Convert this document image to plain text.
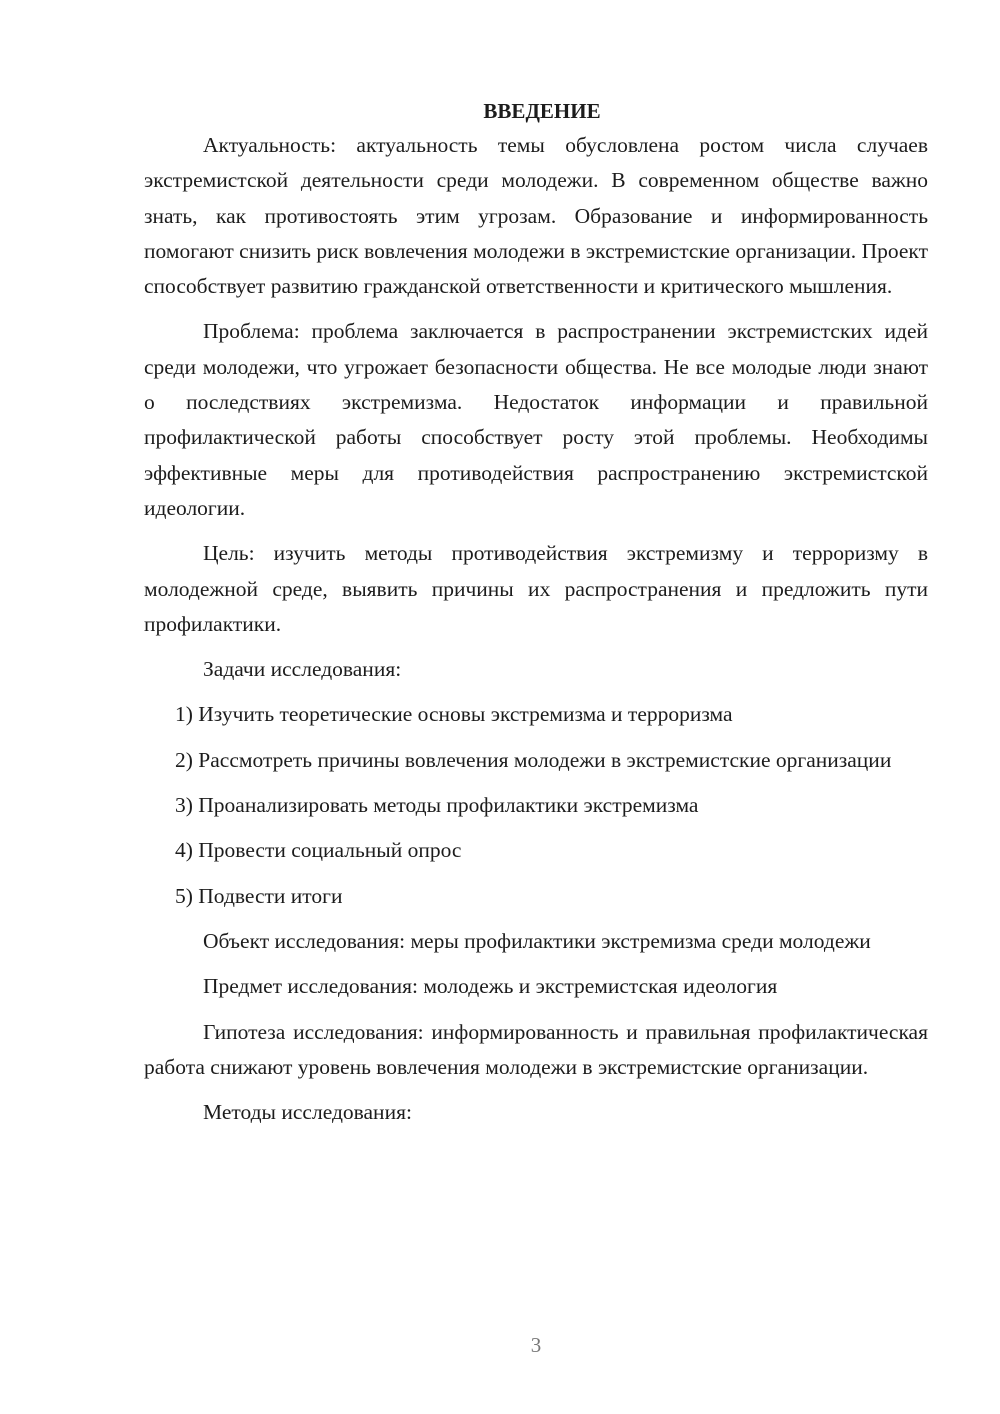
ВВЕДЕНИЕ

Актуальность: актуальность темы обусловлена ростом числа случаев экстремистской деятельности среди молодежи. В современном обществе важно знать, как противостоять этим угрозам. Образование и информированность помогают снизить риск вовлечения молодежи в экстремистские организации. Проект способствует развитию гражданской ответственности и критического мышления.

Проблема: проблема заключается в распространении экстремистских идей среди молодежи, что угрожает безопасности общества. Не все молодые люди знают о последствиях экстремизма. Недостаток информации и правильной профилактической работы способствует росту этой проблемы. Необходимы эффективные меры для противодействия распространению экстремистской идеологии.

Цель: изучить методы противодействия экстремизму и терроризму в молодежной среде, выявить причины их распространения и предложить пути профилактики.

Задачи исследования:

1) Изучить теоретические основы экстремизма и терроризма

2) Рассмотреть причины вовлечения молодежи в экстремистские организации

3) Проанализировать методы профилактики экстремизма

4) Провести социальный опрос

5) Подвести итоги

Объект исследования: меры профилактики экстремизма среди молодежи

Предмет исследования: молодежь и экстремистская идеология

Гипотеза исследования: информированность и правильная профилактическая работа снижают уровень вовлечения молодежи в экстремистские организации.

Методы исследования:

3
